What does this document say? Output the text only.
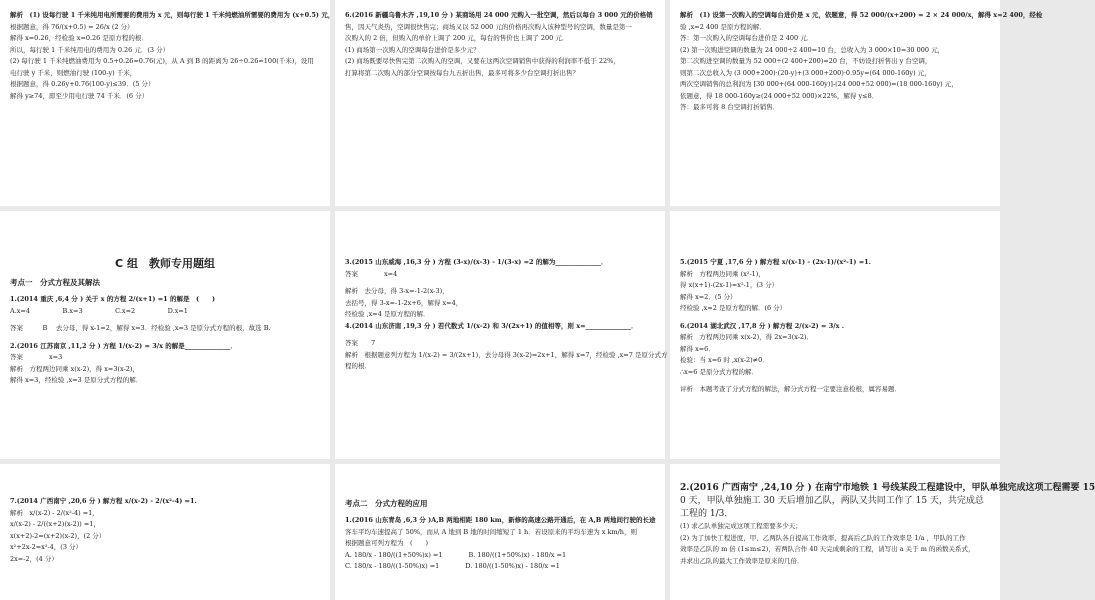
解析　(1) 设每行驶 1 千米纯用电所需要的费用为 x 元，则每行驶 1 千米纯燃油所需要的费用为 (x+0.5) 元，
根据题意，得 76/(x+0.5) = 26/x (2 分）
解得 x=0.26，经检验 x=0.26 是原方程的根．
所以，每行驶 1 千米纯用电的费用为 0.26 元．(3 分）
(2) 每行驶 1 千米纯燃油费用为 0.5+0.26=0.76(元)，从 A 到 B 的距离为 26÷0.26=100(千米)，设用电行驶 y 千米，则燃油行驶 (100-y) 千米，
根据题意，得 0.26y+0.76(100-y)≤39．(5 分）
解得 y≥74，即至少用电行驶 74 千米．(6 分）
6.(2016 新疆乌鲁木齐 ,19,10 分 ) 某商场用 24 000 元购入一批空调，然后以每台 3 000 元的价格销
售，因天气炎热，空调很快售完；商场又以 52 000 元的价格再次购入该种型号的空调，数量是第一
次购入的 2 倍，但购入的单价上调了 200 元，每台的售价也上调了 200 元．
(1) 商场第一次购入的空调每台进价是多少元？
(2) 商场既要尽快售完第二次购入的空调，又要在这两次空调销售中获得的利润率不低于 22%，
打算将第二次购入的部分空调按每台九五折出售，最多可将多少台空调打折出售？
解析　(1) 设第一次购入的空调每台进价是 x 元，依题意，得 52 000/(x+200) = 2 × 24 000/x，解得 x=2 400，经检
验 ,x=2 400 是原方程的解．
答：第一次购入的空调每台进价是 2 400 元．
(2) 第一次购进空调的数量为 24 000÷2 400=10 台，总收入为 3 000×10=30 000 元，
第二次购进空调的数量为 52 000÷(2 400+200)=20 台，不妨设打折售出 y 台空调，
则第二次总收入为 (3 000+200)·(20-y)+(3 000+200)·0.95y=(64 000-160y) 元，
两次空调销售的总利润为 [30 000+(64 000-160y)]-(24 000+52 000)=(18 000-160y) 元，
依题意，得 18 000-160y≥(24 000+52 000)×22%，解得 y≤8．
答：最多可将 8 台空调打折销售．
C 组　教师专用题组
考点一　分式方程及其解法
1.(2014 重庆 ,6,4 分 ) 关于 x 的方程 2/(x+1) =1 的解是　(　　)
A.x=4　　　　　B.x=3　　　　　C.x=2　　　　　D.x=1
答案　　　B　 去分母，得 x-1=2，解得 x=3．经检验 ,x=3 是原分式方程的根，故选 B.
2.(2016 江苏南京 ,11,2 分 ) 方程 1/(x-2) = 3/x 的解是______________．
答案　　　　x=3
解析　方程两边同乘 x(x-2)，得 x=3(x-2)，
解得 x=3，经检验 ,x=3 是原分式方程的解．
3.(2015 山东威海 ,16,3 分 ) 方程 (3-x)/(x-3) - 1/(3-x) =2 的解为______________．
答案　　　　x=4
解析　去分母，得 3-x=-1-2(x-3)，
去括号，得 3-x=-1-2x+6，解得 x=4，
经检验 ,x=4 是原方程的解．
4.(2014 山东济南 ,19,3 分 ) 若代数式 1/(x-2) 和 3/(2x+1) 的值相等，则 x=______________．
答案　　7
解析　根据题意列方程为 1/(x-2) = 3/(2x+1)，去分母得 3(x-2)=2x+1，解得 x=7，经检验 ,x=7 是原分式方
程的根．
5.(2015 宁夏 ,17,6 分 ) 解方程 x/(x-1) - (2x-1)/(x²-1) =1.
解析　方程两边同乘 (x²-1)，
得 x(x+1)-(2x-1)=x²-1，(3 分）
解得 x=2．(5 分）
经检验 ,x=2 是原方程的解．(6 分）
6.(2014 湖北武汉 ,17,8 分 ) 解方程 2/(x-2) = 3/x .
解析　方程两边同乘 x(x-2)，得 2x=3(x-2)．
解得 x=6．
检验：当 x=6 时 ,x(x-2)≠0．
∴x=6 是原分式方程的解．
评析　本题考查了分式方程的解法，解分式方程一定要注意检根，属容易题．
7.(2014 广西南宁 ,20,6 分 ) 解方程 x/(x-2) - 2/(x²-4) =1.
解析　x/(x-2) - 2/(x²-4) =1，
x/(x-2) - 2/((x+2)(x-2)) =1，
x(x+2)-2=(x+2)(x-2)，(2 分）
x²+2x-2=x²-4，(3 分）
2x=-2，(4 分）
考点二　分式方程的应用
1.(2016 山东青岛 ,6,3 分 )A,B 两地相距 180 km，新修的高速公路开通后，在 A,B 两地间行驶的长途
客车平均车速提高了 50%，而从 A 地到 B 地的时间缩短了 1 h．若设原来的平均车速为 x km/h，则
根据题意可列方程为　(　　)
A. 180/x - 180/((1+50%)x) =1　　　　B. 180/((1+50%)x) - 180/x =1
C. 180/x - 180/((1-50%)x) =1　　　　D. 180/((1-50%)x) - 180/x =1
2.(2016 广西南宁 ,24,10 分 ) 在南宁市地铁 1 号线某段工程建设中，甲队单独完成这项工程需要 15
0 天，甲队单独施工 30 天后增加乙队，两队又共同工作了 15 天，共完成总
工程的 1/3．
(1) 求乙队单独完成这项工程需要多少天；
(2) 为了加快工程进度，甲、乙两队各自提高工作效率，提高后乙队的工作效率是 1/a ，甲队的工作
效率是乙队的 m 倍 (1≤m≤2)，若两队合作 40 天完成剩余的工程，请写出 a 关于 m 的函数关系式，
并求出乙队的最大工作效率是原来的几倍．
